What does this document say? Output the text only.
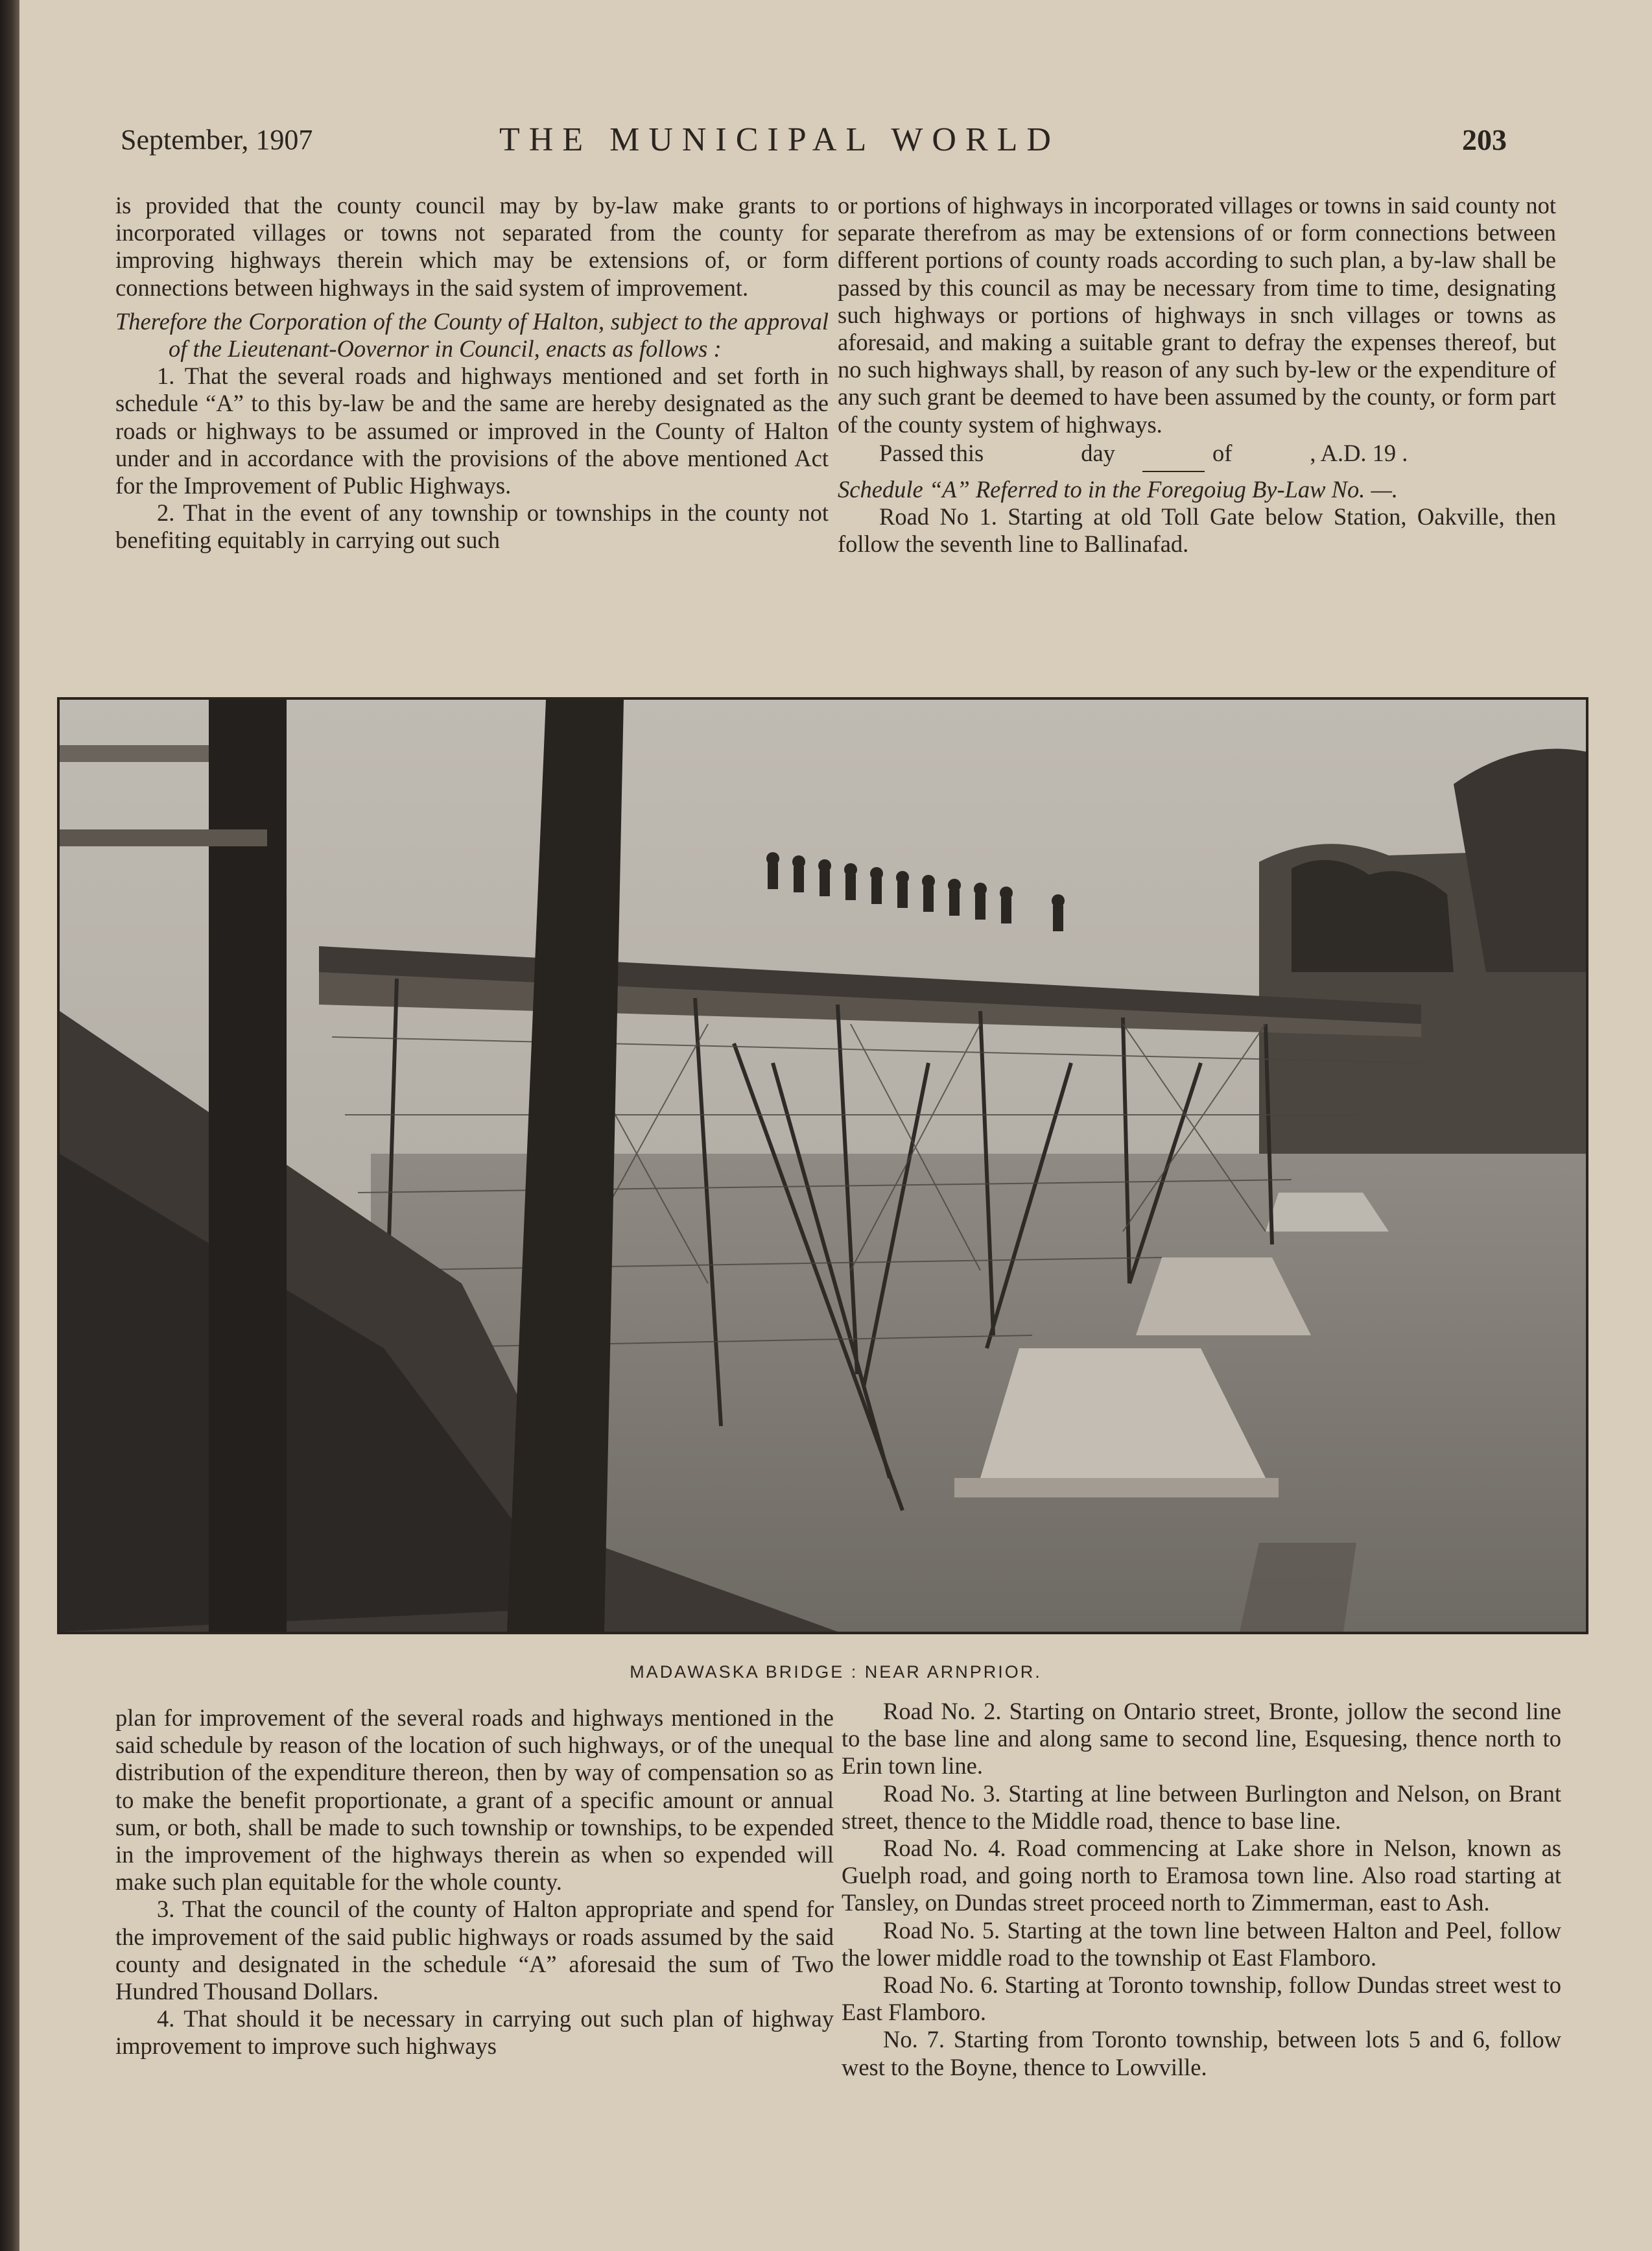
September, 1907	THE MUNICIPAL WORLD	203

is provided that the county council may by by-law make grants to incorporated villages or towns not separated from the county for improving highways therein which may be extensions of, or form connections between highways in the said system of improvement.

Therefore the Corporation of the County of Halton, subject to the approval of the Lieutenant-Oovernor in Council, enacts as follows :

1. That the several roads and highways mentioned and set forth in schedule “A” to this by-law be and the same are hereby designated as the roads or highways to be assumed or improved in the County of Halton under and in accordance with the provisions of the above mentioned Act for the Improvement of Public Highways.

2. That in the event of any township or townships in the county not benefiting equitably in carrying out such

or portions of highways in incorporated villages or towns in said county not separate therefrom as may be extensions of or form connections between different portions of county roads according to such plan, a by-law shall be passed by this council as may be necessary from time to time, designating such highways or portions of highways in snch villages or towns as aforesaid, and making a suitable grant to defray the expenses thereof, but no such highways shall, by reason of any such by-lew or the expenditure of any such grant be deemed to have been assumed by the county, or form part of the county system of highways.

Passed this	day	of	, A.D. 19 .

Schedule “A” Referred to in the Foregoiug By-Law No. —.

Road No 1. Starting at old Toll Gate below Station, Oakville, then follow the seventh line to Ballinafad.

MADAWASKA BRIDGE : NEAR ARNPRIOR.

plan for improvement of the several roads and highways mentioned in the said schedule by reason of the location of such highways, or of the unequal distribution of the expenditure thereon, then by way of compensation so as to make the benefit proportionate, a grant of a specific amount or annual sum, or both, shall be made to such township or townships, to be expended in the improvement of the highways therein as when so expended will make such plan equitable for the whole county.

3. That the council of the county of Halton appropriate and spend for the improvement of the said public highways or roads assumed by the said county and designated in the schedule “A” aforesaid the sum of Two Hundred Thousand Dollars.

4. That should it be necessary in carrying out such plan of highway improvement to improve such highways

Road No. 2. Starting on Ontario street, Bronte, jollow the second line to the base line and along same to second line, Esquesing, thence north to Erin town line.

Road No. 3. Starting at line between Burlington and Nelson, on Brant street, thence to the Middle road, thence to base line.

Road No. 4. Road commencing at Lake shore in Nelson, known as Guelph road, and going north to Eramosa town line. Also road starting at Tansley, on Dundas street proceed north to Zimmerman, east to Ash.

Road No. 5. Starting at the town line between Halton and Peel, follow the lower middle road to the township ot East Flamboro.

Road No. 6. Starting at Toronto township, follow Dundas street west to East Flamboro.

No. 7. Starting from Toronto township, between lots 5 and 6, follow west to the Boyne, thence to Lowville.
